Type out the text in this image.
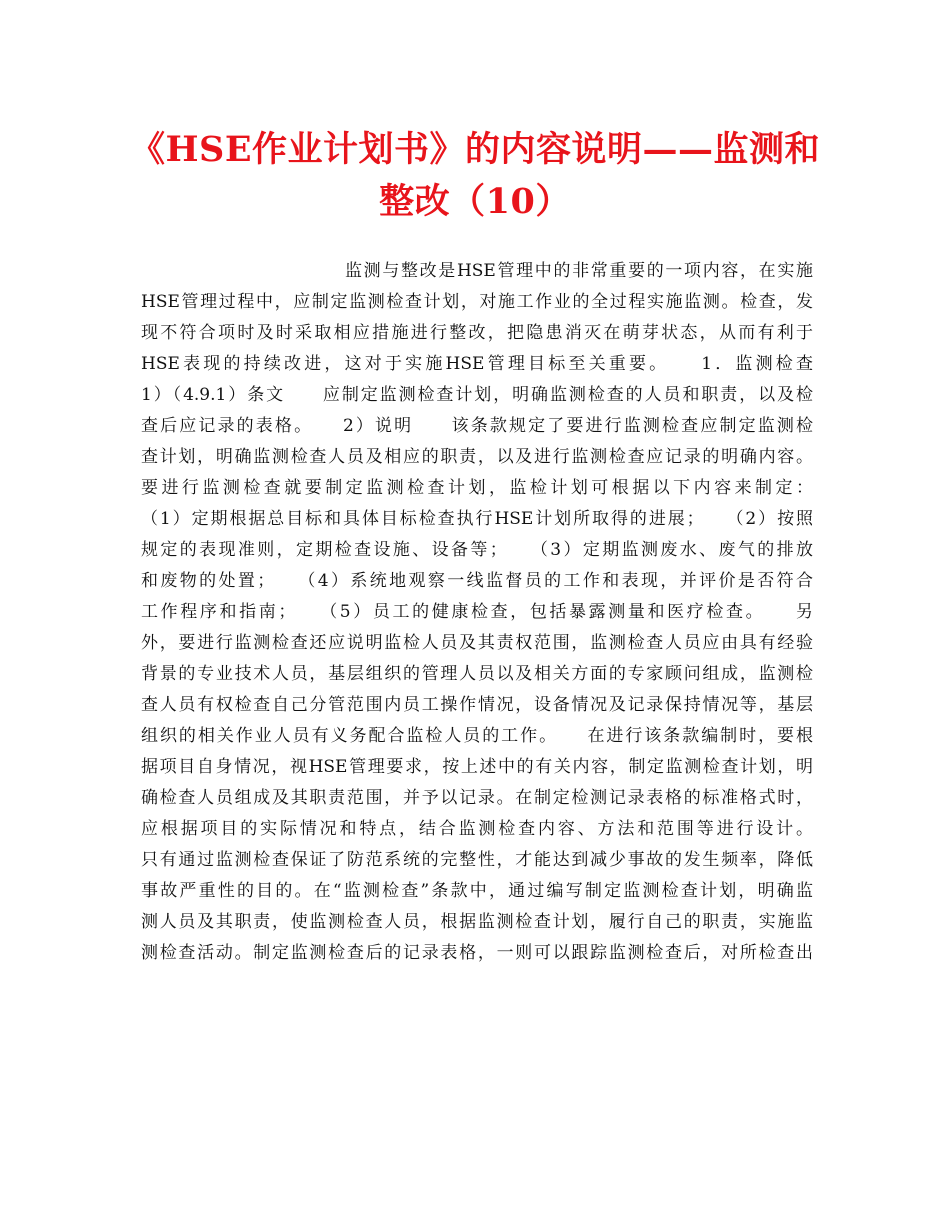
《HSE作业计划书》的内容说明——监测和
整改（10）
监测与整改是HSE管理中的非常重要的一项内容，在实施
HSE管理过程中，应制定监测检查计划，对施工作业的全过程实施监测。检查，发
现不符合项时及时采取相应措施进行整改，把隐患消灭在萌芽状态，从而有利于
HSE表现的持续改进，这对于实施HSE管理目标至关重要。　　1．监测检查
1）（4.9.1）条文　　应制定监测检查计划，明确监测检查的人员和职责，以及检
查后应记录的表格。　　2）说明　　该条款规定了要进行监测检查应制定监测检
查计划，明确监测检查人员及相应的职责，以及进行监测检查应记录的明确内容。
要进行监测检查就要制定监测检查计划，监检计划可根据以下内容来制定：
（1）定期根据总目标和具体目标检查执行HSE计划所取得的进展；　　（2）按照
规定的表现准则，定期检查设施、设备等；　　（3）定期监测废水、废气的排放
和废物的处置；　　（4）系统地观察一线监督员的工作和表现，并评价是否符合
工作程序和指南；　　（5）员工的健康检查，包括暴露测量和医疗检查。　　另
外，要进行监测检查还应说明监检人员及其责权范围，监测检查人员应由具有经验
背景的专业技术人员，基层组织的管理人员以及相关方面的专家顾问组成，监测检
查人员有权检查自己分管范围内员工操作情况，设备情况及记录保持情况等，基层
组织的相关作业人员有义务配合监检人员的工作。　　在进行该条款编制时，要根
据项目自身情况，视HSE管理要求，按上述中的有关内容，制定监测检查计划，明
确检查人员组成及其职责范围，并予以记录。在制定检测记录表格的标准格式时，
应根据项目的实际情况和特点，结合监测检查内容、方法和范围等进行设计。
只有通过监测检查保证了防范系统的完整性，才能达到减少事故的发生频率，降低
事故严重性的目的。在“监测检查”条款中，通过编写制定监测检查计划，明确监
测人员及其职责，使监测检查人员，根据监测检查计划，履行自己的职责，实施监
测检查活动。制定监测检查后的记录表格，一则可以跟踪监测检查后，对所检查出
